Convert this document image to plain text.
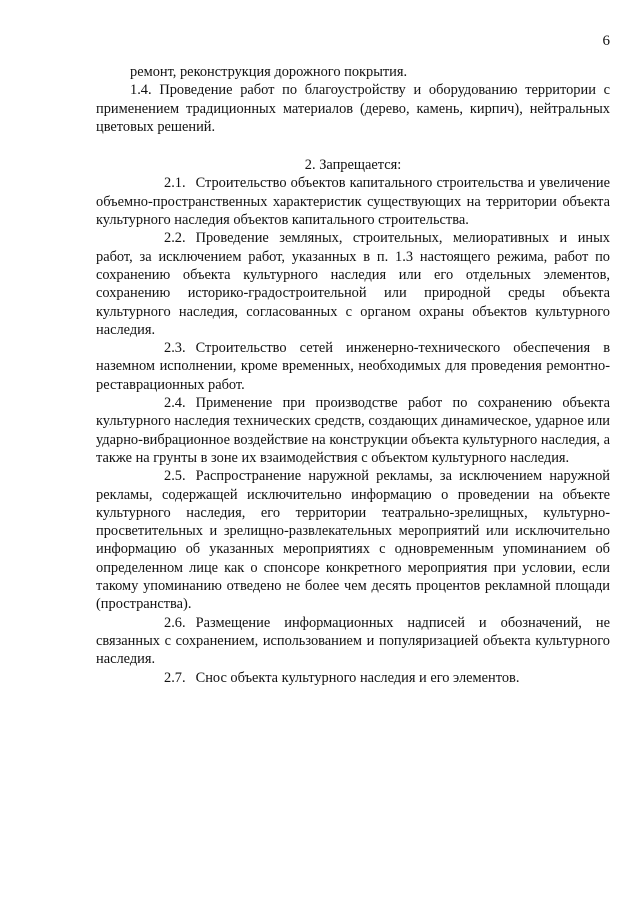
6

ремонт, реконструкция дорожного покрытия.

1.4. Проведение работ по благоустройству и оборудованию территории с применением традиционных материалов (дерево, камень, кирпич), нейтральных цветовых решений.

2. Запрещается:

2.1. Строительство объектов капитального строительства и увеличение объемно-пространственных характеристик существующих на территории объекта культурного наследия объектов капитального строительства.

2.2. Проведение земляных, строительных, мелиоративных и иных работ, за исключением работ, указанных в п. 1.3 настоящего режима, работ по сохранению объекта культурного наследия или его отдельных элементов, сохранению историко-градостроительной или природной среды объекта культурного наследия, согласованных с органом охраны объектов культурного наследия.

2.3. Строительство сетей инженерно-технического обеспечения в наземном исполнении, кроме временных, необходимых для проведения ремонтно-реставрационных работ.

2.4. Применение при производстве работ по сохранению объекта культурного наследия технических средств, создающих динамическое, ударное или ударно-вибрационное воздействие на конструкции объекта культурного наследия, а также на грунты в зоне их взаимодействия с объектом культурного наследия.

2.5. Распространение наружной рекламы, за исключением наружной рекламы, содержащей исключительно информацию о проведении на объекте культурного наследия, его территории театрально-зрелищных, культурно-просветительных и зрелищно-развлекательных мероприятий или исключительно информацию об указанных мероприятиях с одновременным упоминанием об определенном лице как о спонсоре конкретного мероприятия при условии, если такому упоминанию отведено не более чем десять процентов рекламной площади (пространства).

2.6. Размещение информационных надписей и обозначений, не связанных с сохранением, использованием и популяризацией объекта культурного наследия.

2.7. Снос объекта культурного наследия и его элементов.
